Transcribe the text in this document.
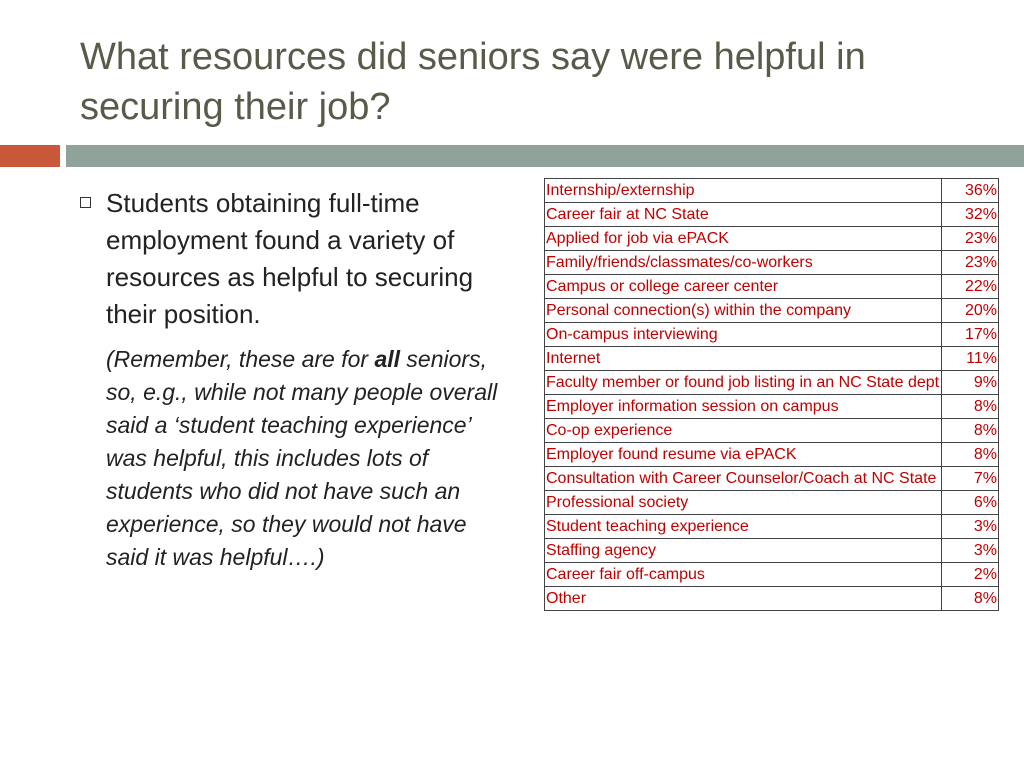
What resources did seniors say were helpful in securing their job?
Students obtaining full-time employment found a variety of resources as helpful to securing their position.
(Remember, these are for all seniors, so, e.g., while not many people overall said a ‘student teaching experience’ was helpful, this includes lots of students who did not have such an experience, so they would not have said it was helpful….)
Internship/externship	36%
Career fair at NC State	32%
Applied for job via ePACK	23%
Family/friends/classmates/co-workers	23%
Campus or college career center	22%
Personal connection(s) within the company	20%
On-campus interviewing	17%
Internet	11%
Faculty member or found job listing in an NC State dept	9%
Employer information session on campus	8%
Co-op experience	8%
Employer found resume via ePACK	8%
Consultation with Career Counselor/Coach at NC State	7%
Professional society	6%
Student teaching experience	3%
Staffing agency	3%
Career fair off-campus	2%
Other	8%
